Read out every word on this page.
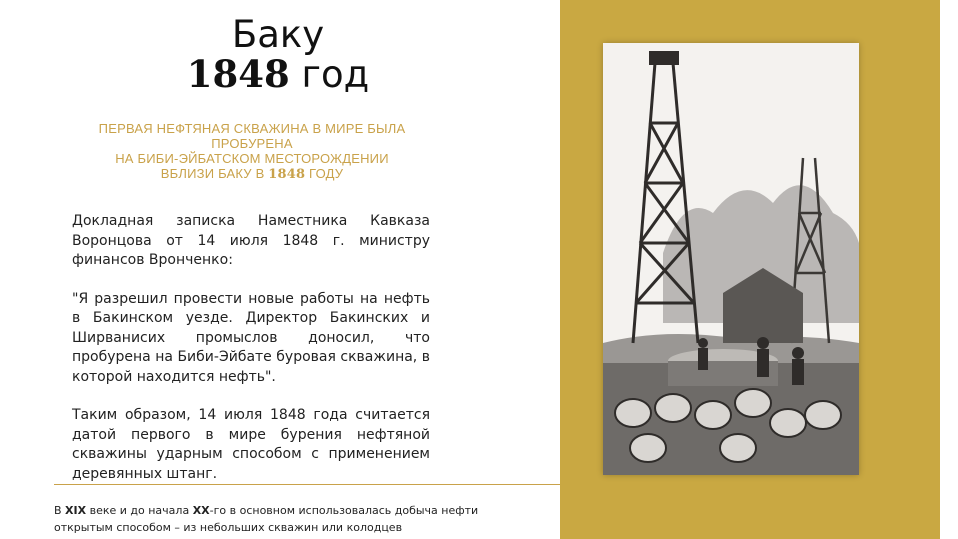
Баку
1848 год
ПЕРВАЯ НЕФТЯНАЯ СКВАЖИНА В МИРЕ БЫЛА ПРОБУРЕНА
НА БИБИ-ЭЙБАТСКОМ МЕСТОРОЖДЕНИИ
ВБЛИЗИ БАКУ В 1848 ГОДУ

Докладная записка Наместника Кавказа Воронцова от 14 июля 1848 г. министру финансов Врончeнко:

"Я разрешил провести новые работы на нефть в Бакинском уезде. Директор Бакинских и Ширванисих промыслов доносил, что пробурена на Биби-Эйбате буровая скважина, в которой находится нефть".

Таким образом, 14 июля 1848 года считается датой первого в мире бурения нефтяной скважины ударным способом с применением деревянных штанг.

В XIX веке и до начала XX-го в основном использовалась добыча нефти открытым способом – из небольших скважин или колодцев
